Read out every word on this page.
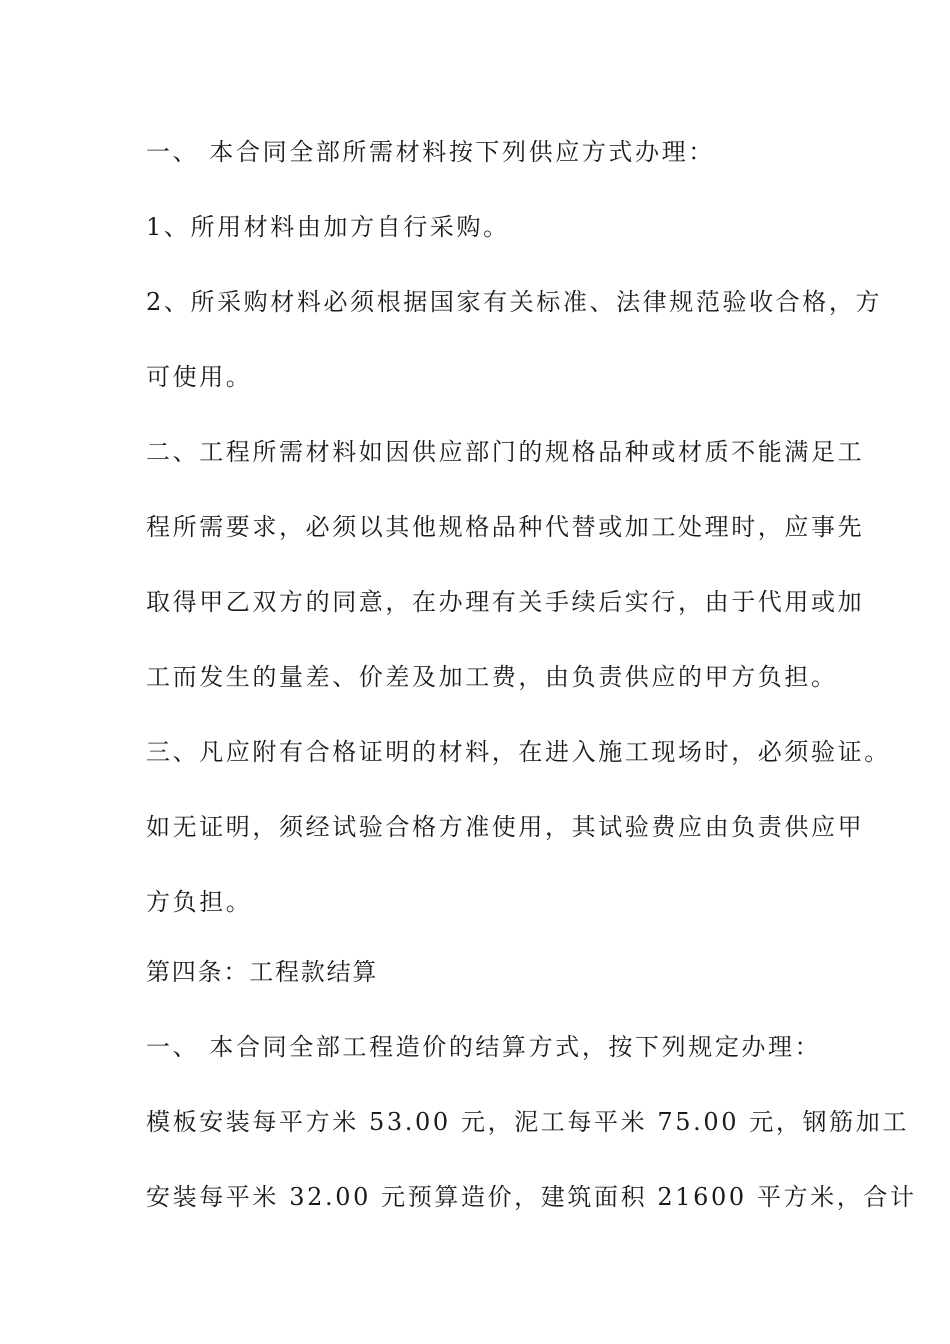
一、 本合同全部所需材料按下列供应方式办理：

1、所用材料由加方自行采购。

2、所采购材料必须根据国家有关标准、法律规范验收合格，方

可使用。

二、工程所需材料如因供应部门的规格品种或材质不能满足工

程所需要求，必须以其他规格品种代替或加工处理时，应事先

取得甲乙双方的同意，在办理有关手续后实行，由于代用或加

工而发生的量差、价差及加工费，由负责供应的甲方负担。

三、凡应附有合格证明的材料，在进入施工现场时，必须验证。

如无证明，须经试验合格方准使用，其试验费应由负责供应甲

方负担。

第四条：工程款结算

一、 本合同全部工程造价的结算方式，按下列规定办理：

模板安装每平方米 53.00 元，泥工每平米 75.00 元，钢筋加工

安装每平米 32.00 元预算造价，建筑面积 21600 平方米，合计
